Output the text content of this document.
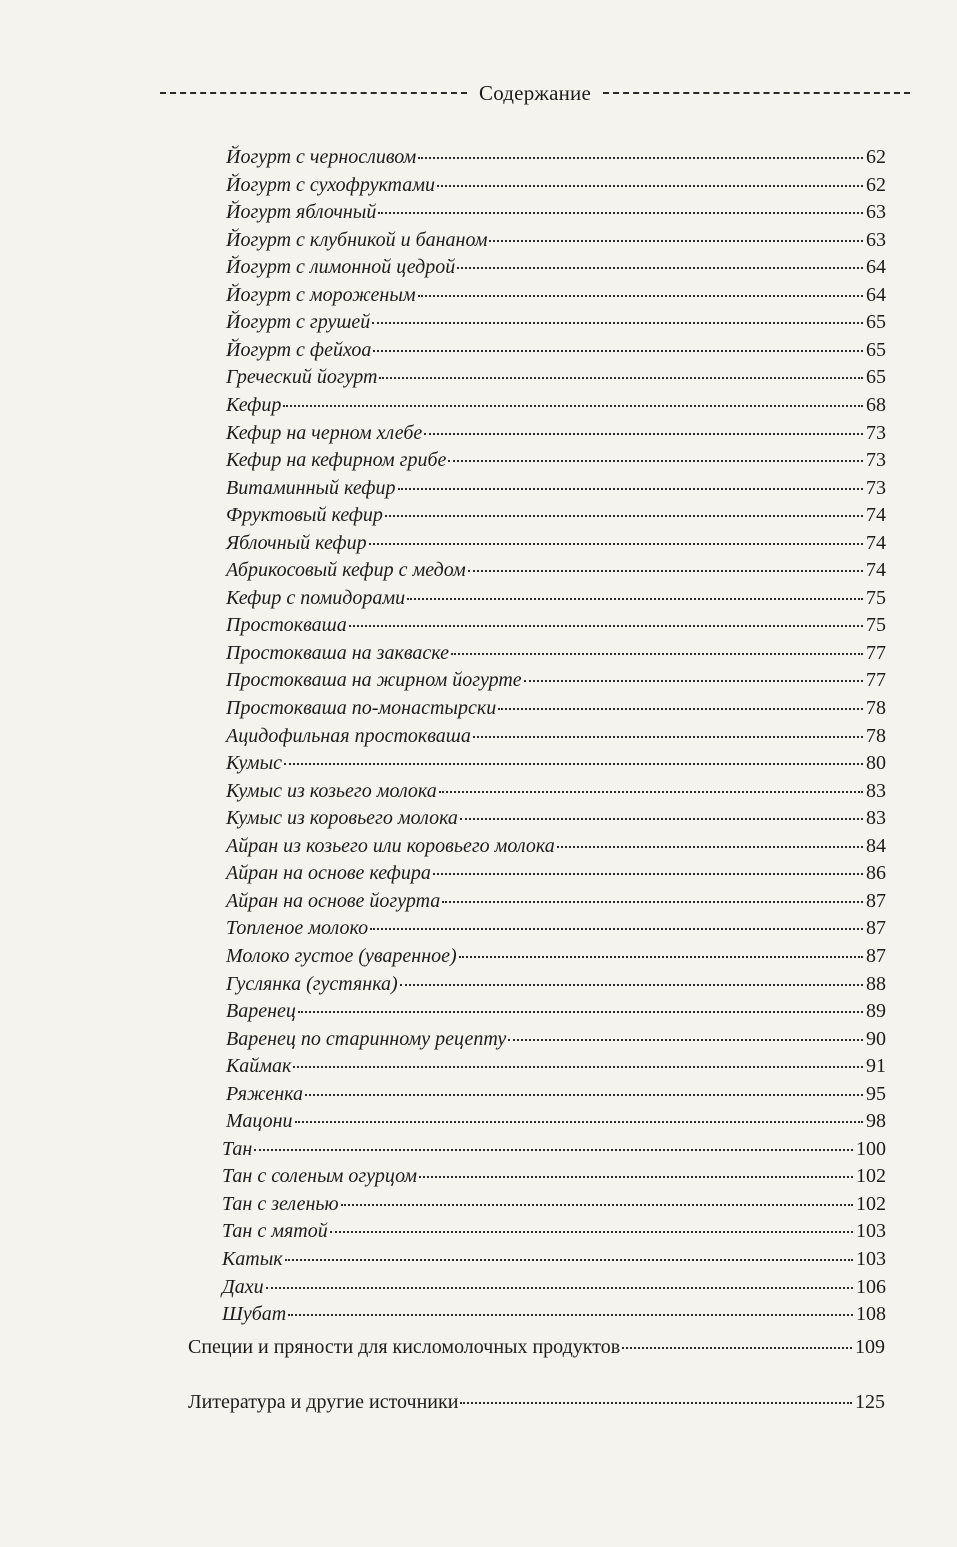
Содержание
Йогурт с черносливом	62
Йогурт с сухофруктами	62
Йогурт яблочный	63
Йогурт с клубникой и бананом	63
Йогурт с лимонной цедрой	64
Йогурт с мороженым	64
Йогурт с грушей	65
Йогурт с фейхоа	65
Греческий йогурт	65
Кефир	68
Кефир на черном хлебе	73
Кефир на кефирном грибе	73
Витаминный кефир	73
Фруктовый кефир	74
Яблочный кефир	74
Абрикосовый кефир с медом	74
Кефир с помидорами	75
Простокваша	75
Простокваша на закваске	77
Простокваша на жирном йогурте	77
Простокваша по-монастырски	78
Ацидофильная простокваша	78
Кумыс	80
Кумыс из козьего молока	83
Кумыс из коровьего молока	83
Айран из козьего или коровьего молока	84
Айран на основе кефира	86
Айран на основе йогурта	87
Топленое молоко	87
Молоко густое (уваренное)	87
Гуслянка (густянка)	88
Варенец	89
Варенец по старинному рецепту	90
Каймак	91
Ряженка	95
Мацони	98
Тан	100
Тан с соленым огурцом	102
Тан с зеленью	102
Тан с мятой	103
Катык	103
Дахи	106
Шубат	108
Специи и пряности для кисломолочных продуктов	109
Литература и другие источники	125
